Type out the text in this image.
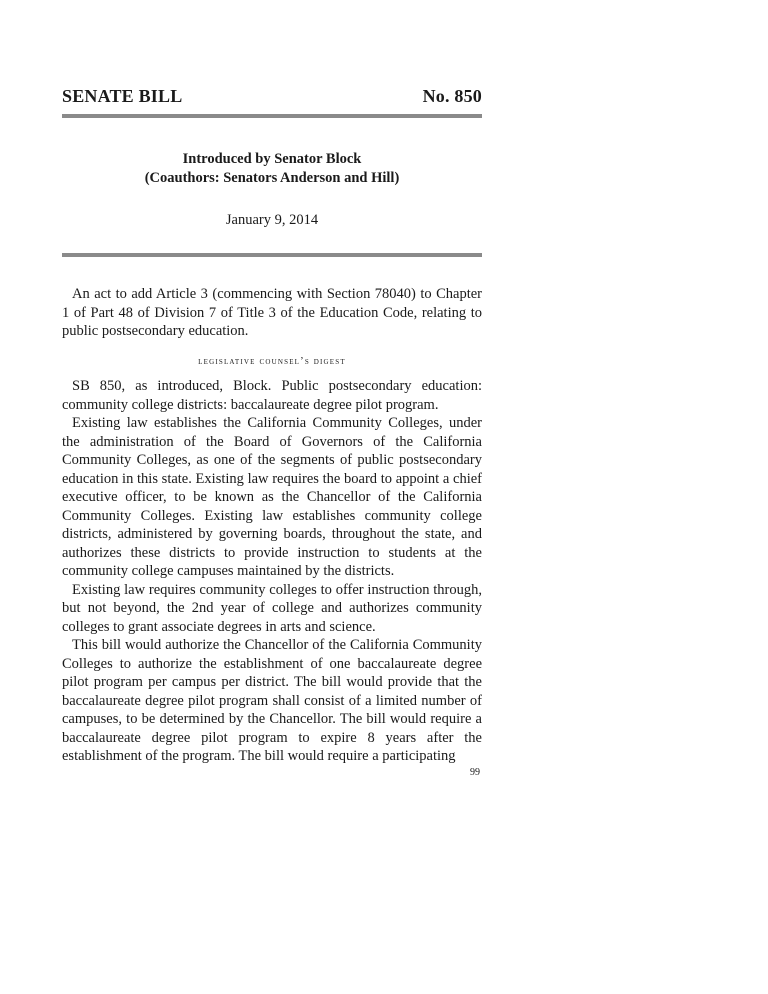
SENATE BILL	No. 850
Introduced by Senator Block
(Coauthors: Senators Anderson and Hill)
January 9, 2014
An act to add Article 3 (commencing with Section 78040) to Chapter 1 of Part 48 of Division 7 of Title 3 of the Education Code, relating to public postsecondary education.
legislative counsel’s digest

SB 850, as introduced, Block. Public postsecondary education: community college districts: baccalaureate degree pilot program.

Existing law establishes the California Community Colleges, under the administration of the Board of Governors of the California Community Colleges, as one of the segments of public postsecondary education in this state. Existing law requires the board to appoint a chief executive officer, to be known as the Chancellor of the California Community Colleges. Existing law establishes community college districts, administered by governing boards, throughout the state, and authorizes these districts to provide instruction to students at the community college campuses maintained by the districts.

Existing law requires community colleges to offer instruction through, but not beyond, the 2nd year of college and authorizes community colleges to grant associate degrees in arts and science.

This bill would authorize the Chancellor of the California Community Colleges to authorize the establishment of one baccalaureate degree pilot program per campus per district. The bill would provide that the baccalaureate degree pilot program shall consist of a limited number of campuses, to be determined by the Chancellor. The bill would require a baccalaureate degree pilot program to expire 8 years after the establishment of the program. The bill would require a participating

99
